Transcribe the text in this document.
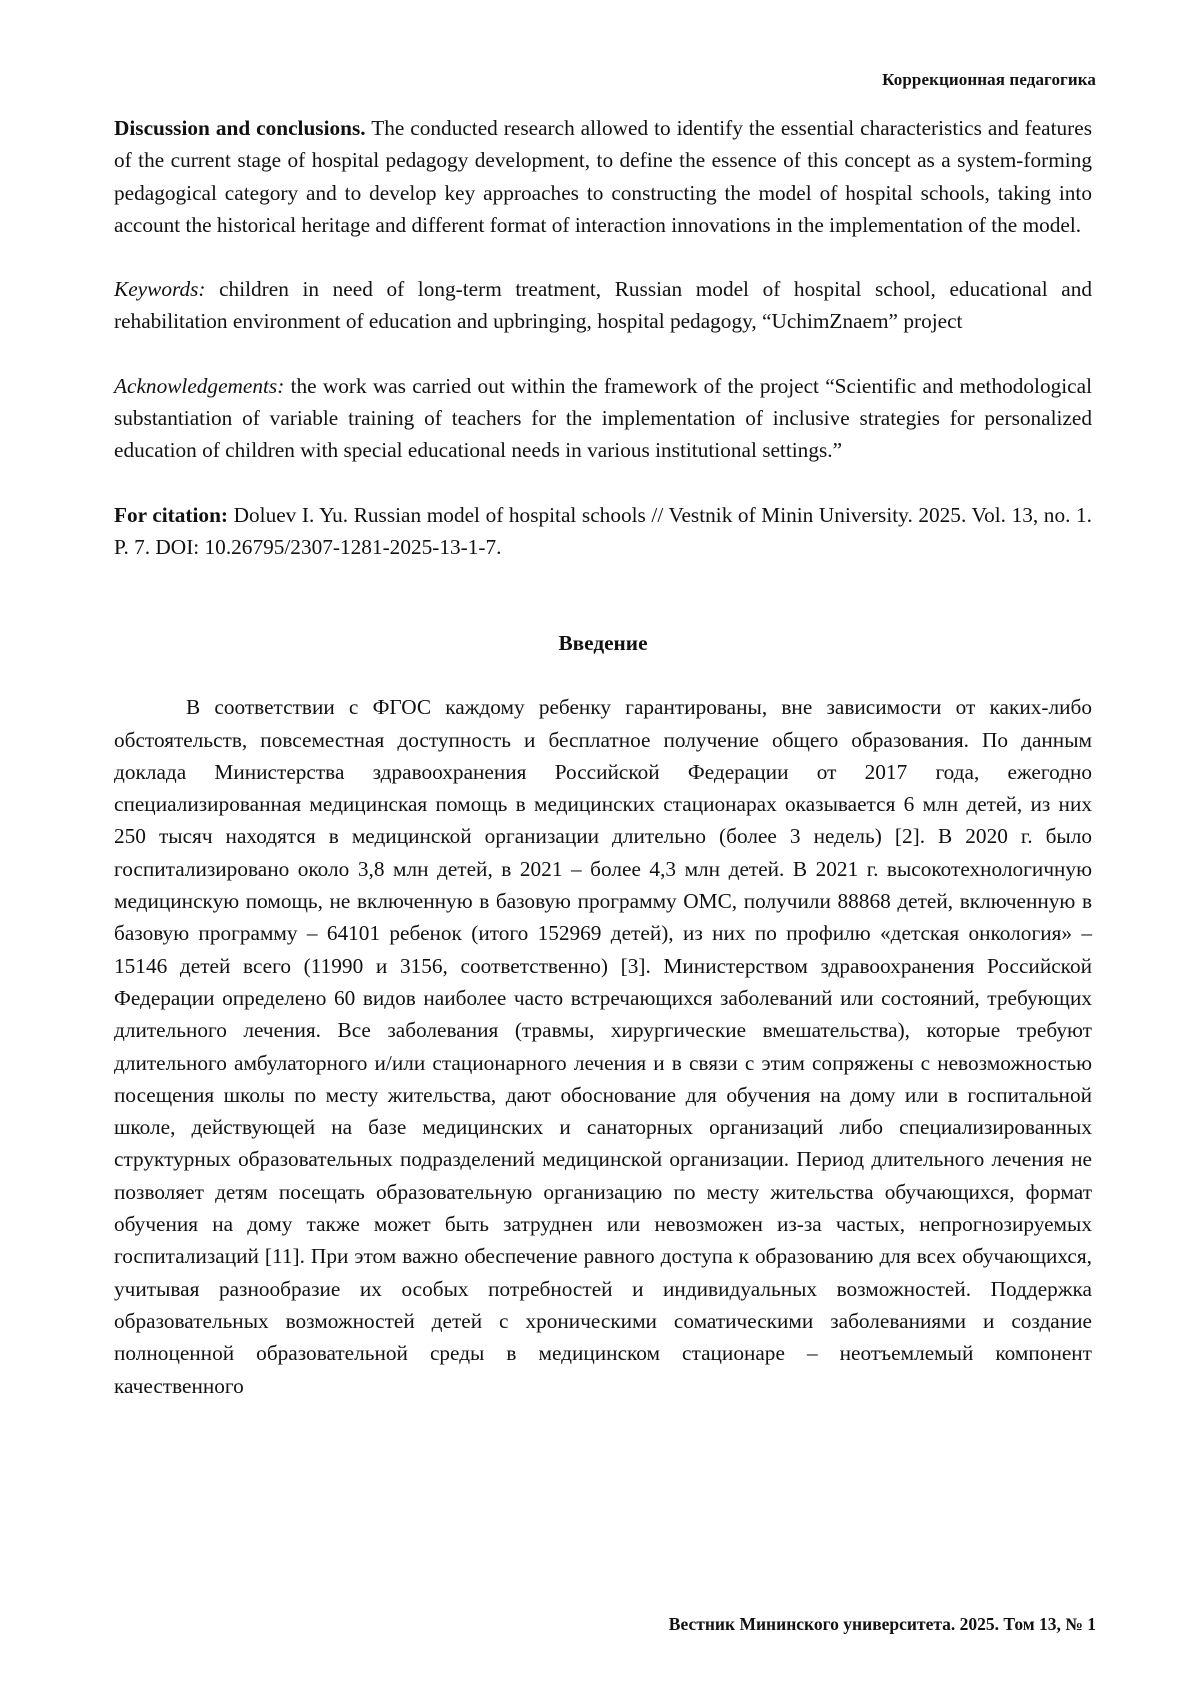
Коррекционная педагогика

Discussion and conclusions. The conducted research allowed to identify the essential characteristics and features of the current stage of hospital pedagogy development, to define the essence of this concept as a system-forming pedagogical category and to develop key approaches to constructing the model of hospital schools, taking into account the historical heritage and different format of interaction innovations in the implementation of the model.

Keywords: children in need of long-term treatment, Russian model of hospital school, educational and rehabilitation environment of education and upbringing, hospital pedagogy, “UchimZnaem” project

Acknowledgements: the work was carried out within the framework of the project “Scientific and methodological substantiation of variable training of teachers for the implementation of inclusive strategies for personalized education of children with special educational needs in various institutional settings.”

For citation: Doluev I. Yu. Russian model of hospital schools // Vestnik of Minin University. 2025. Vol. 13, no. 1. P. 7. DOI: 10.26795/2307-1281-2025-13-1-7.

Введение

В соответствии с ФГОС каждому ребенку гарантированы, вне зависимости от каких-либо обстоятельств, повсеместная доступность и бесплатное получение общего образования. По данным доклада Министерства здравоохранения Российской Федерации от 2017 года, ежегодно специализированная медицинская помощь в медицинских стационарах оказывается 6 млн детей, из них 250 тысяч находятся в медицинской организации длительно (более 3 недель) [2]. В 2020 г. было госпитализировано около 3,8 млн детей, в 2021 – более 4,3 млн детей. В 2021 г. высокотехнологичную медицинскую помощь, не включенную в базовую программу ОМС, получили 88868 детей, включенную в базовую программу – 64101 ребенок (итого 152969 детей), из них по профилю «детская онкология» – 15146 детей всего (11990 и 3156, соответственно) [3]. Министерством здравоохранения Российской Федерации определено 60 видов наиболее часто встречающихся заболеваний или состояний, требующих длительного лечения. Все заболевания (травмы, хирургические вмешательства), которые требуют длительного амбулаторного и/или стационарного лечения и в связи с этим сопряжены с невозможностью посещения школы по месту жительства, дают обоснование для обучения на дому или в госпитальной школе, действующей на базе медицинских и санаторных организаций либо специализированных структурных образовательных подразделений медицинской организации. Период длительного лечения не позволяет детям посещать образовательную организацию по месту жительства обучающихся, формат обучения на дому также может быть затруднен или невозможен из-за частых, непрогнозируемых госпитализаций [11]. При этом важно обеспечение равного доступа к образованию для всех обучающихся, учитывая разнообразие их особых потребностей и индивидуальных возможностей. Поддержка образовательных возможностей детей с хроническими соматическими заболеваниями и создание полноценной образовательной среды в медицинском стационаре – неотъемлемый компонент качественного

Вестник Мининского университета. 2025. Том 13, № 1
